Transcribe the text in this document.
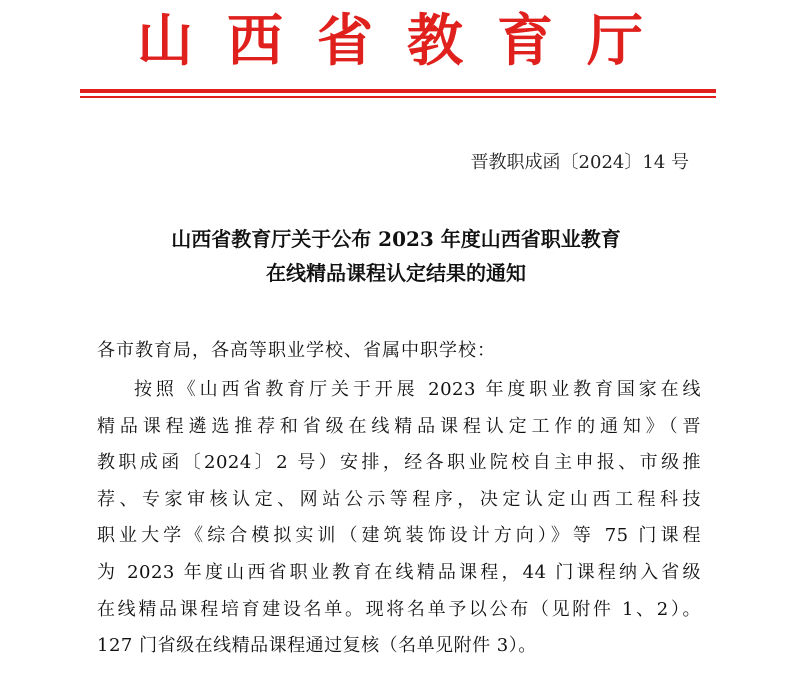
山西省教育厅
晋教职成函〔2024〕14 号
山西省教育厅关于公布 2023 年度山西省职业教育
在线精品课程认定结果的通知
各市教育局，各高等职业学校、省属中职学校：
按照《山西省教育厅关于开展 2023 年度职业教育国家在线
精品课程遴选推荐和省级在线精品课程认定工作的通知》（晋
教职成函〔2024〕2 号）安排，经各职业院校自主申报、市级推
荐、专家审核认定、网站公示等程序，决定认定山西工程科技
职业大学《综合模拟实训（建筑装饰设计方向）》等 75 门课程
为 2023 年度山西省职业教育在线精品课程，44 门课程纳入省级
在线精品课程培育建设名单。现将名单予以公布（见附件 1、2）。
127 门省级在线精品课程通过复核（名单见附件 3）。
